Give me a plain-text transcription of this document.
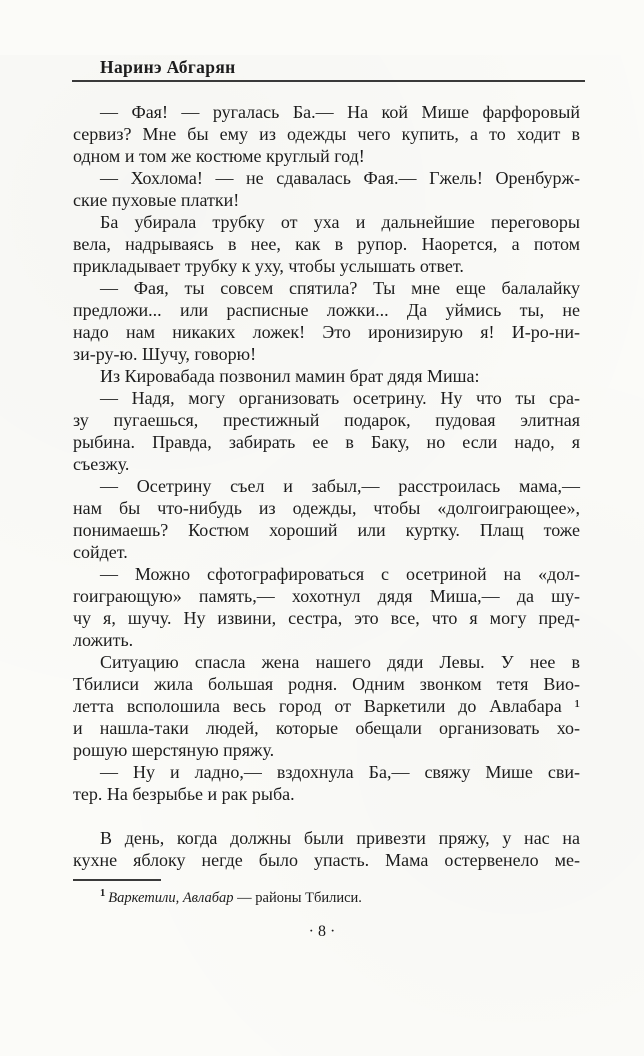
Наринэ Абгарян

— Фая! — ругалась Ба.— На кой Мише фарфоровый
сервиз? Мне бы ему из одежды чего купить, а то ходит в
одном и том же костюме круглый год!

— Хохлома! — не сдавалась Фая.— Гжель! Оренбурж-
ские пуховые платки!

Ба убирала трубку от уха и дальнейшие переговоры
вела, надрываясь в нее, как в рупор. Наорется, а потом
прикладывает трубку к уху, чтобы услышать ответ.

— Фая, ты совсем спятила? Ты мне еще балалайку
предложи... или расписные ложки... Да уймись ты, не
надо нам никаких ложек! Это иронизирую я! И-ро-ни-
зи-ру-ю. Шучу, говорю!

Из Кировабада позвонил мамин брат дядя Миша:

— Надя, могу организовать осетрину. Ну что ты сра-
зу пугаешься, престижный подарок, пудовая элитная
рыбина. Правда, забирать ее в Баку, но если надо, я
съезжу.

— Осетрину съел и забыл,— расстроилась мама,—
нам бы что-нибудь из одежды, чтобы «долгоиграющее»,
понимаешь? Костюм хороший или куртку. Плащ тоже
сойдет.

— Можно сфотографироваться с осетриной на «дол-
гоиграющую» память,— хохотнул дядя Миша,— да шу-
чу я, шучу. Ну извини, сестра, это все, что я могу пред-
ложить.

Ситуацию спасла жена нашего дяди Левы. У нее в
Тбилиси жила большая родня. Одним звонком тетя Вио-
летта всполошила весь город от Варкетили до Авлабара ¹
и нашла-таки людей, которые обещали организовать хо-
рошую шерстяную пряжу.

— Ну и ладно,— вздохнула Ба,— свяжу Мише сви-
тер. На безрыбье и рак рыба.

В день, когда должны были привезти пряжу, у нас на
кухне яблоку негде было упасть. Мама остервенело ме-

$^1$ Варкетили, Авлабар — районы Тбилиси.
· 8 ·
